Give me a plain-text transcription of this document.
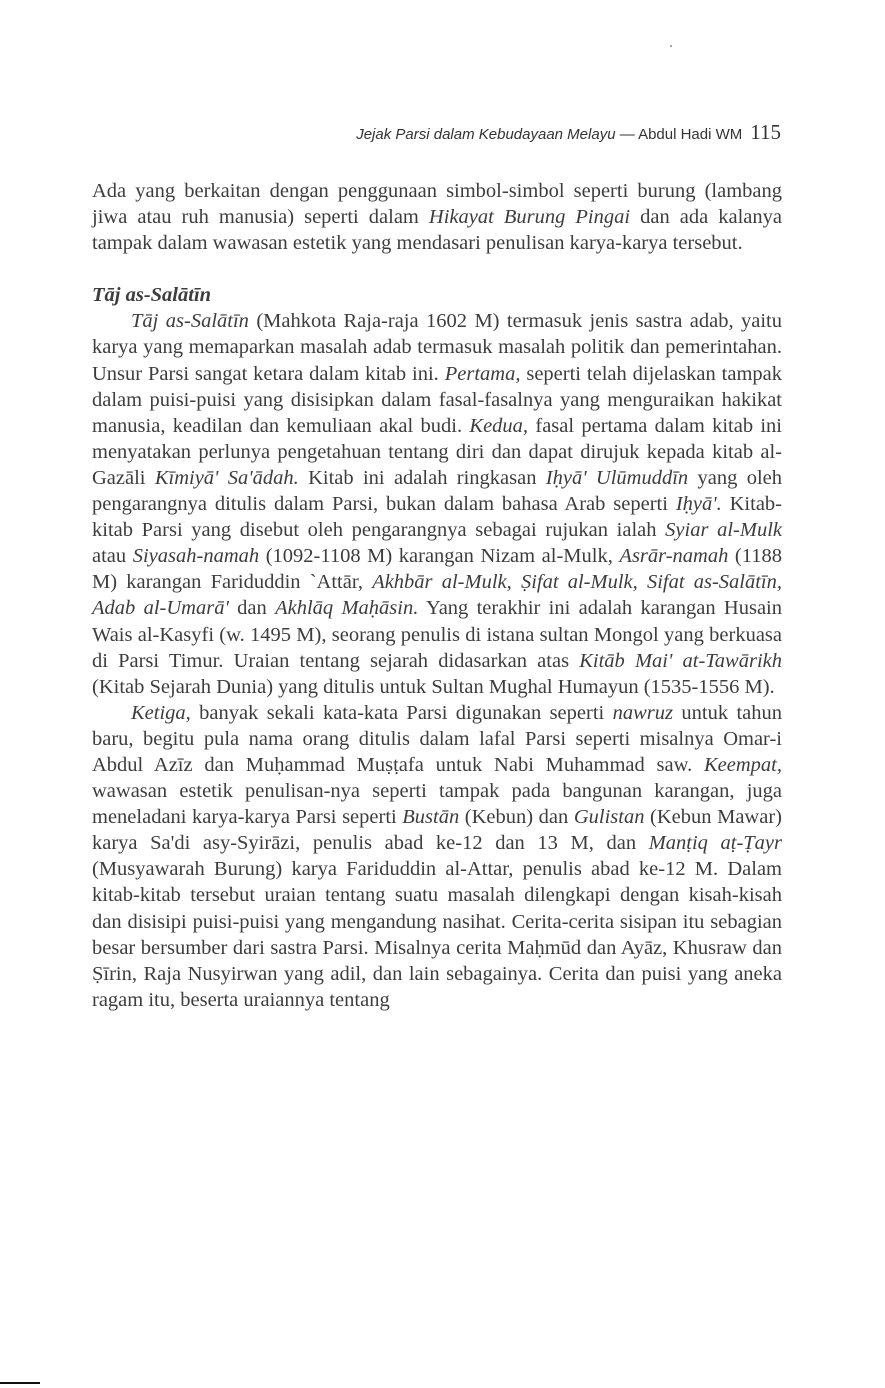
Jejak Parsi dalam Kebudayaan Melayu — Abdul Hadi WM 115

Ada yang berkaitan dengan penggunaan simbol-simbol seperti burung (lambang jiwa atau ruh manusia) seperti dalam Hikayat Burung Pingai dan ada kalanya tampak dalam wawasan estetik yang mendasari penulisan karya-karya tersebut.

Tāj as-Salātīn

Tāj as-Salātīn (Mahkota Raja-raja 1602 M) termasuk jenis sastra adab, yaitu karya yang memaparkan masalah adab termasuk masalah politik dan pemerintahan. Unsur Parsi sangat ketara dalam kitab ini. Pertama, seperti telah dijelaskan tampak dalam puisi-puisi yang disisipkan dalam fasal-fasalnya yang menguraikan hakikat manusia, keadilan dan kemuliaan akal budi. Kedua, fasal pertama dalam kitab ini menyatakan perlunya pengetahuan tentang diri dan dapat dirujuk kepada kitab al-Gazāli Kīmiyā' Sa'ādah. Kitab ini adalah ringkasan Iḥyā' Ulūmuddīn yang oleh pengarangnya ditulis dalam Parsi, bukan dalam bahasa Arab seperti Iḥyā'. Kitab-kitab Parsi yang disebut oleh pengarangnya sebagai rujukan ialah Syiar al-Mulk atau Siyasah-namah (1092-1108 M) karangan Nizam al-Mulk, Asrār-namah (1188 M) karangan Fariduddin `Attār, Akhbār al-Mulk, Ṣifat al-Mulk, Sifat as-Salātīn, Adab al-Umarā' dan Akhlāq Maḥāsin. Yang terakhir ini adalah karangan Husain Wais al-Kasyfi (w. 1495 M), seorang penulis di istana sultan Mongol yang berkuasa di Parsi Timur. Uraian tentang sejarah didasarkan atas Kitāb Mai' at-Tawārikh (Kitab Sejarah Dunia) yang ditulis untuk Sultan Mughal Humayun (1535-1556 M).

Ketiga, banyak sekali kata-kata Parsi digunakan seperti nawruz untuk tahun baru, begitu pula nama orang ditulis dalam lafal Parsi seperti misalnya Omar-i Abdul Azīz dan Muḥammad Muṣṭafa untuk Nabi Muhammad saw. Keempat, wawasan estetik penulisan-nya seperti tampak pada bangunan karangan, juga meneladani karya-karya Parsi seperti Bustān (Kebun) dan Gulistan (Kebun Mawar) karya Sa'di asy-Syirāzi, penulis abad ke-12 dan 13 M, dan Manṭiq aṭ-Ṭayr (Musyawarah Burung) karya Fariduddin al-Attar, penulis abad ke-12 M. Dalam kitab-kitab tersebut uraian tentang suatu masalah dilengkapi dengan kisah-kisah dan disisipi puisi-puisi yang mengandung nasihat. Cerita-cerita sisipan itu sebagian besar bersumber dari sastra Parsi. Misalnya cerita Maḥmūd dan Ayāz, Khusraw dan Ṣīrin, Raja Nusyirwan yang adil, dan lain sebagainya. Cerita dan puisi yang aneka ragam itu, beserta uraiannya tentang
